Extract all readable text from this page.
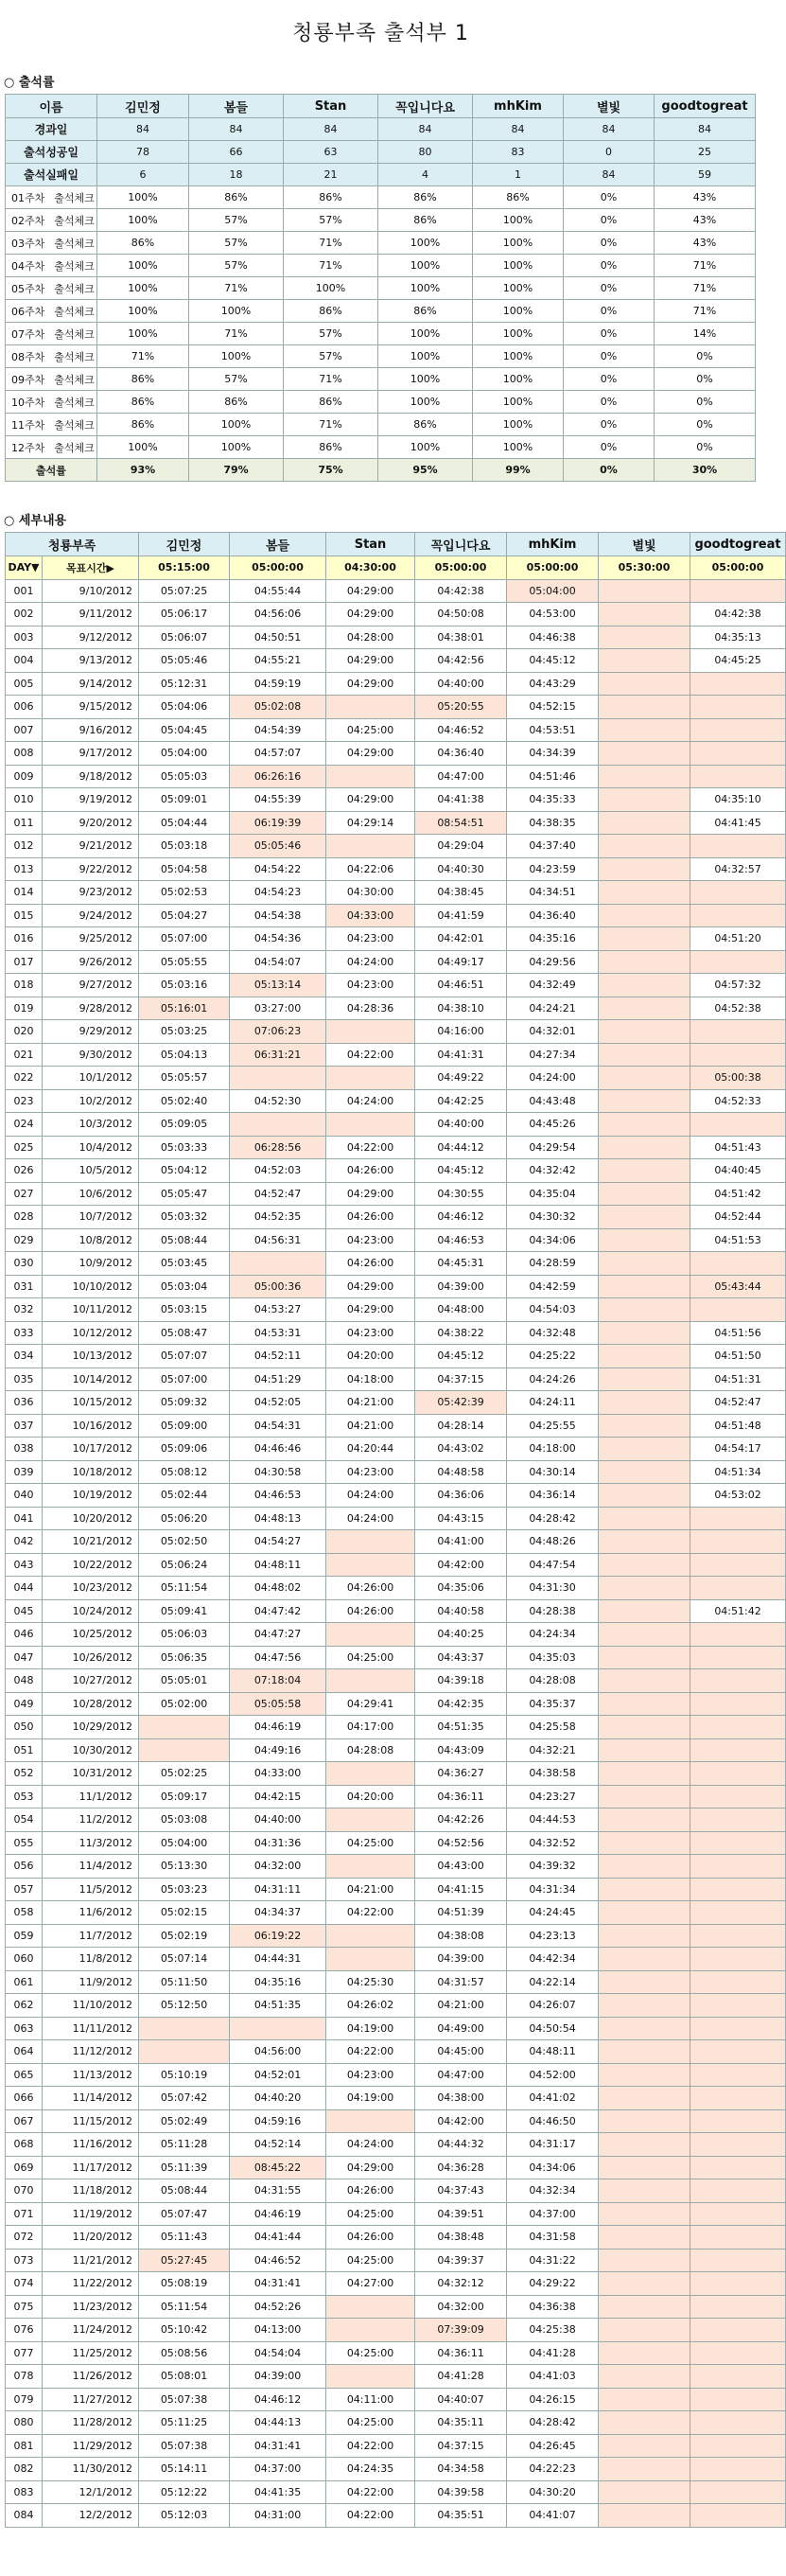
청룡부족 출석부 1
○ 출석률
이름	김민정	봄들	Stan	꼭입니다요	mhKim	별빛	goodtogreat
경과일	84	84	84	84	84	84	84
출석성공일	78	66	63	80	83	0	25
출석실패일	6	18	21	4	1	84	59
01주차 출석체크	100%	86%	86%	86%	86%	0%	43%
02주차 출석체크	100%	57%	57%	86%	100%	0%	43%
03주차 출석체크	86%	57%	71%	100%	100%	0%	43%
04주차 출석체크	100%	57%	71%	100%	100%	0%	71%
05주차 출석체크	100%	71%	100%	100%	100%	0%	71%
06주차 출석체크	100%	100%	86%	86%	100%	0%	71%
07주차 출석체크	100%	71%	57%	100%	100%	0%	14%
08주차 출석체크	71%	100%	57%	100%	100%	0%	0%
09주차 출석체크	86%	57%	71%	100%	100%	0%	0%
10주차 출석체크	86%	86%	86%	100%	100%	0%	0%
11주차 출석체크	86%	100%	71%	86%	100%	0%	0%
12주차 출석체크	100%	100%	86%	100%	100%	0%	0%
출석률	93%	79%	75%	95%	99%	0%	30%
○ 세부내용
청룡부족		김민정	봄들	Stan	꼭입니다요	mhKim	별빛	goodtogreat
DAY▼	목표시간▶	05:15:00	05:00:00	04:30:00	05:00:00	05:00:00	05:30:00	05:00:00
001	9/10/2012	05:07:25	04:55:44	04:29:00	04:42:38	05:04:00		
002	9/11/2012	05:06:17	04:56:06	04:29:00	04:50:08	04:53:00		04:42:38
003	9/12/2012	05:06:07	04:50:51	04:28:00	04:38:01	04:46:38		04:35:13
004	9/13/2012	05:05:46	04:55:21	04:29:00	04:42:56	04:45:12		04:45:25
005	9/14/2012	05:12:31	04:59:19	04:29:00	04:40:00	04:43:29		
006	9/15/2012	05:04:06	05:02:08		05:20:55	04:52:15		
007	9/16/2012	05:04:45	04:54:39	04:25:00	04:46:52	04:53:51		
008	9/17/2012	05:04:00	04:57:07	04:29:00	04:36:40	04:34:39		
009	9/18/2012	05:05:03	06:26:16		04:47:00	04:51:46		
010	9/19/2012	05:09:01	04:55:39	04:29:00	04:41:38	04:35:33		04:35:10
011	9/20/2012	05:04:44	06:19:39	04:29:14	08:54:51	04:38:35		04:41:45
012	9/21/2012	05:03:18	05:05:46		04:29:04	04:37:40		
013	9/22/2012	05:04:58	04:54:22	04:22:06	04:40:30	04:23:59		04:32:57
014	9/23/2012	05:02:53	04:54:23	04:30:00	04:38:45	04:34:51		
015	9/24/2012	05:04:27	04:54:38	04:33:00	04:41:59	04:36:40		
016	9/25/2012	05:07:00	04:54:36	04:23:00	04:42:01	04:35:16		04:51:20
017	9/26/2012	05:05:55	04:54:07	04:24:00	04:49:17	04:29:56		
018	9/27/2012	05:03:16	05:13:14	04:23:00	04:46:51	04:32:49		04:57:32
019	9/28/2012	05:16:01	03:27:00	04:28:36	04:38:10	04:24:21		04:52:38
020	9/29/2012	05:03:25	07:06:23		04:16:00	04:32:01		
021	9/30/2012	05:04:13	06:31:21	04:22:00	04:41:31	04:27:34		
022	10/1/2012	05:05:57			04:49:22	04:24:00		05:00:38
023	10/2/2012	05:02:40	04:52:30	04:24:00	04:42:25	04:43:48		04:52:33
024	10/3/2012	05:09:05			04:40:00	04:45:26		
025	10/4/2012	05:03:33	06:28:56	04:22:00	04:44:12	04:29:54		04:51:43
026	10/5/2012	05:04:12	04:52:03	04:26:00	04:45:12	04:32:42		04:40:45
027	10/6/2012	05:05:47	04:52:47	04:29:00	04:30:55	04:35:04		04:51:42
028	10/7/2012	05:03:32	04:52:35	04:26:00	04:46:12	04:30:32		04:52:44
029	10/8/2012	05:08:44	04:56:31	04:23:00	04:46:53	04:34:06		04:51:53
030	10/9/2012	05:03:45		04:26:00	04:45:31	04:28:59		
031	10/10/2012	05:03:04	05:00:36	04:29:00	04:39:00	04:42:59		05:43:44
032	10/11/2012	05:03:15	04:53:27	04:29:00	04:48:00	04:54:03		
033	10/12/2012	05:08:47	04:53:31	04:23:00	04:38:22	04:32:48		04:51:56
034	10/13/2012	05:07:07	04:52:11	04:20:00	04:45:12	04:25:22		04:51:50
035	10/14/2012	05:07:00	04:51:29	04:18:00	04:37:15	04:24:26		04:51:31
036	10/15/2012	05:09:32	04:52:05	04:21:00	05:42:39	04:24:11		04:52:47
037	10/16/2012	05:09:00	04:54:31	04:21:00	04:28:14	04:25:55		04:51:48
038	10/17/2012	05:09:06	04:46:46	04:20:44	04:43:02	04:18:00		04:54:17
039	10/18/2012	05:08:12	04:30:58	04:23:00	04:48:58	04:30:14		04:51:34
040	10/19/2012	05:02:44	04:46:53	04:24:00	04:36:06	04:36:14		04:53:02
041	10/20/2012	05:06:20	04:48:13	04:24:00	04:43:15	04:28:42		
042	10/21/2012	05:02:50	04:54:27		04:41:00	04:48:26		
043	10/22/2012	05:06:24	04:48:11		04:42:00	04:47:54		
044	10/23/2012	05:11:54	04:48:02	04:26:00	04:35:06	04:31:30		
045	10/24/2012	05:09:41	04:47:42	04:26:00	04:40:58	04:28:38		04:51:42
046	10/25/2012	05:06:03	04:47:27		04:40:25	04:24:34		
047	10/26/2012	05:06:35	04:47:56	04:25:00	04:43:37	04:35:03		
048	10/27/2012	05:05:01	07:18:04		04:39:18	04:28:08		
049	10/28/2012	05:02:00	05:05:58	04:29:41	04:42:35	04:35:37		
050	10/29/2012		04:46:19	04:17:00	04:51:35	04:25:58		
051	10/30/2012		04:49:16	04:28:08	04:43:09	04:32:21		
052	10/31/2012	05:02:25	04:33:00		04:36:27	04:38:58		
053	11/1/2012	05:09:17	04:42:15	04:20:00	04:36:11	04:23:27		
054	11/2/2012	05:03:08	04:40:00		04:42:26	04:44:53		
055	11/3/2012	05:04:00	04:31:36	04:25:00	04:52:56	04:32:52		
056	11/4/2012	05:13:30	04:32:00		04:43:00	04:39:32		
057	11/5/2012	05:03:23	04:31:11	04:21:00	04:41:15	04:31:34		
058	11/6/2012	05:02:15	04:34:37	04:22:00	04:51:39	04:24:45		
059	11/7/2012	05:02:19	06:19:22		04:38:08	04:23:13		
060	11/8/2012	05:07:14	04:44:31		04:39:00	04:42:34		
061	11/9/2012	05:11:50	04:35:16	04:25:30	04:31:57	04:22:14		
062	11/10/2012	05:12:50	04:51:35	04:26:02	04:21:00	04:26:07		
063	11/11/2012			04:19:00	04:49:00	04:50:54		
064	11/12/2012		04:56:00	04:22:00	04:45:00	04:48:11		
065	11/13/2012	05:10:19	04:52:01	04:23:00	04:47:00	04:52:00		
066	11/14/2012	05:07:42	04:40:20	04:19:00	04:38:00	04:41:02		
067	11/15/2012	05:02:49	04:59:16		04:42:00	04:46:50		
068	11/16/2012	05:11:28	04:52:14	04:24:00	04:44:32	04:31:17		
069	11/17/2012	05:11:39	08:45:22	04:29:00	04:36:28	04:34:06		
070	11/18/2012	05:08:44	04:31:55	04:26:00	04:37:43	04:32:34		
071	11/19/2012	05:07:47	04:46:19	04:25:00	04:39:51	04:37:00		
072	11/20/2012	05:11:43	04:41:44	04:26:00	04:38:48	04:31:58		
073	11/21/2012	05:27:45	04:46:52	04:25:00	04:39:37	04:31:22		
074	11/22/2012	05:08:19	04:31:41	04:27:00	04:32:12	04:29:22		
075	11/23/2012	05:11:54	04:52:26		04:32:00	04:36:38		
076	11/24/2012	05:10:42	04:13:00		07:39:09	04:25:38		
077	11/25/2012	05:08:56	04:54:04	04:25:00	04:36:11	04:41:28		
078	11/26/2012	05:08:01	04:39:00		04:41:28	04:41:03		
079	11/27/2012	05:07:38	04:46:12	04:11:00	04:40:07	04:26:15		
080	11/28/2012	05:11:25	04:44:13	04:25:00	04:35:11	04:28:42		
081	11/29/2012	05:07:38	04:31:41	04:22:00	04:37:15	04:26:45		
082	11/30/2012	05:14:11	04:37:00	04:24:35	04:34:58	04:22:23		
083	12/1/2012	05:12:22	04:41:35	04:22:00	04:39:58	04:30:20		
084	12/2/2012	05:12:03	04:31:00	04:22:00	04:35:51	04:41:07		
